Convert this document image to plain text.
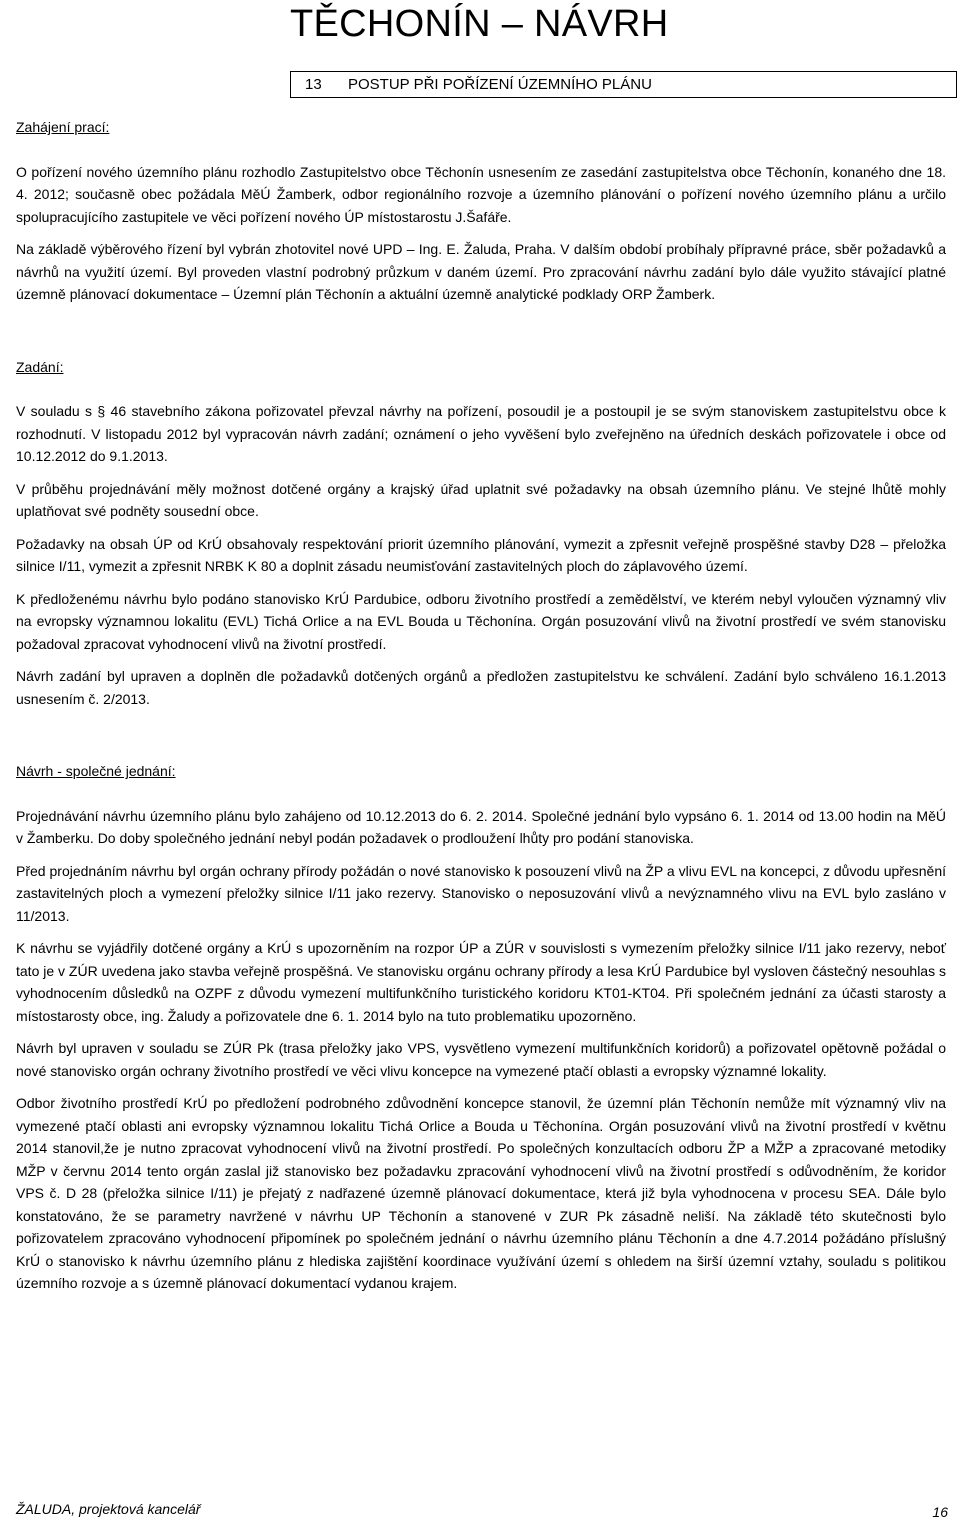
TĚCHONÍN – NÁVRH
13 POSTUP PŘI POŘÍZENÍ ÚZEMNÍHO PLÁNU

Zahájení prací:

O pořízení nového územního plánu rozhodlo Zastupitelstvo obce Těchonín usnesením ze zasedání zastupitelstva obce Těchonín, konaného dne 18. 4. 2012; současně obec požádala MěÚ Žamberk, odbor regionálního rozvoje a územního plánování o pořízení nového územního plánu a určilo spolupracujícího zastupitele ve věci pořízení nového ÚP místostarostu J.Šafáře.

Na základě výběrového řízení byl vybrán zhotovitel nové UPD – Ing. E. Žaluda, Praha. V dalším období probíhaly přípravné práce, sběr požadavků a návrhů na využití území. Byl proveden vlastní podrobný průzkum v daném území. Pro zpracování návrhu zadání bylo dále využito stávající platné územně plánovací dokumentace – Územní plán Těchonín a aktuální územně analytické podklady ORP Žamberk.

Zadání:

V souladu s § 46 stavebního zákona pořizovatel převzal návrhy na pořízení, posoudil je a postoupil je se svým stanoviskem zastupitelstvu obce k rozhodnutí. V listopadu 2012 byl vypracován návrh zadání; oznámení o jeho vyvěšení bylo zveřejněno na úředních deskách pořizovatele i obce od 10.12.2012 do 9.1.2013.

V průběhu projednávání měly možnost dotčené orgány a krajský úřad uplatnit své požadavky na obsah územního plánu. Ve stejné lhůtě mohly uplatňovat své podněty sousední obce.

Požadavky na obsah ÚP od KrÚ obsahovaly respektování priorit územního plánování, vymezit a zpřesnit veřejně prospěšné stavby D28 – přeložka silnice I/11, vymezit a zpřesnit NRBK K 80 a doplnit zásadu neumisťování zastavitelných ploch do záplavového území.

K předloženému návrhu bylo podáno stanovisko KrÚ Pardubice, odboru životního prostředí a zemědělství, ve kterém nebyl vyloučen významný vliv na evropsky významnou lokalitu (EVL) Tichá Orlice a na EVL Bouda u Těchonína. Orgán posuzování vlivů na životní prostředí ve svém stanovisku požadoval zpracovat vyhodnocení vlivů na životní prostředí.

Návrh zadání byl upraven a doplněn dle požadavků dotčených orgánů a předložen zastupitelstvu ke schválení. Zadání bylo schváleno 16.1.2013 usnesením č. 2/2013.

Návrh - společné jednání:

Projednávání návrhu územního plánu bylo zahájeno od 10.12.2013 do 6. 2. 2014. Společné jednání bylo vypsáno 6. 1. 2014 od 13.00 hodin na MěÚ v Žamberku. Do doby společného jednání nebyl podán požadavek o prodloužení lhůty pro podání stanoviska.

Před projednáním návrhu byl orgán ochrany přírody požádán o nové stanovisko k posouzení vlivů na ŽP a vlivu EVL na koncepci, z důvodu upřesnění zastavitelných ploch a vymezení přeložky silnice I/11 jako rezervy. Stanovisko o neposuzování vlivů a nevýznamného vlivu na EVL bylo zasláno v 11/2013.

K návrhu se vyjádřily dotčené orgány a KrÚ s upozorněním na rozpor ÚP a ZÚR v souvislosti s vymezením přeložky silnice I/11 jako rezervy, neboť tato je v ZÚR uvedena jako stavba veřejně prospěšná. Ve stanovisku orgánu ochrany přírody a lesa KrÚ Pardubice byl vysloven částečný nesouhlas s vyhodnocením důsledků na OZPF z důvodu vymezení multifunkčního turistického koridoru KT01-KT04. Při společném jednání za účasti starosty a místostarosty obce, ing. Žaludy a pořizovatele dne 6. 1. 2014 bylo na tuto problematiku upozorněno.

Návrh byl upraven v souladu se ZÚR Pk (trasa přeložky jako VPS, vysvětleno vymezení multifunkčních koridorů) a pořizovatel opětovně požádal o nové stanovisko orgán ochrany životního prostředí ve věci vlivu koncepce na vymezené ptačí oblasti a evropsky významné lokality.

Odbor životního prostředí KrÚ po předložení podrobného zdůvodnění koncepce stanovil, že územní plán Těchonín nemůže mít významný vliv na vymezené ptačí oblasti ani evropsky významnou lokalitu Tichá Orlice a Bouda u Těchonína. Orgán posuzování vlivů na životní prostředí v květnu 2014 stanovil,že je nutno zpracovat vyhodnocení vlivů na životní prostředí. Po společných konzultacích odboru ŽP a MŽP a zpracované metodiky MŽP v červnu 2014 tento orgán zaslal již stanovisko bez požadavku zpracování vyhodnocení vlivů na životní prostředí s odůvodněním, že koridor VPS č. D 28 (přeložka silnice I/11) je přejatý z nadřazené územně plánovací dokumentace, která již byla vyhodnocena v procesu SEA. Dále bylo konstatováno, že se parametry navržené v návrhu UP Těchonín a stanovené v ZUR Pk zásadně neliší. Na základě této skutečnosti bylo pořizovatelem zpracováno vyhodnocení připomínek po společném jednání o návrhu územního plánu Těchonín a dne 4.7.2014 požádáno příslušný KrÚ o stanovisko k návrhu územního plánu z hlediska zajištění koordinace využívání území s ohledem na širší územní vztahy, souladu s politikou územního rozvoje a s územně plánovací dokumentací vydanou krajem.

ŽALUDA, projektová kancelář	16
